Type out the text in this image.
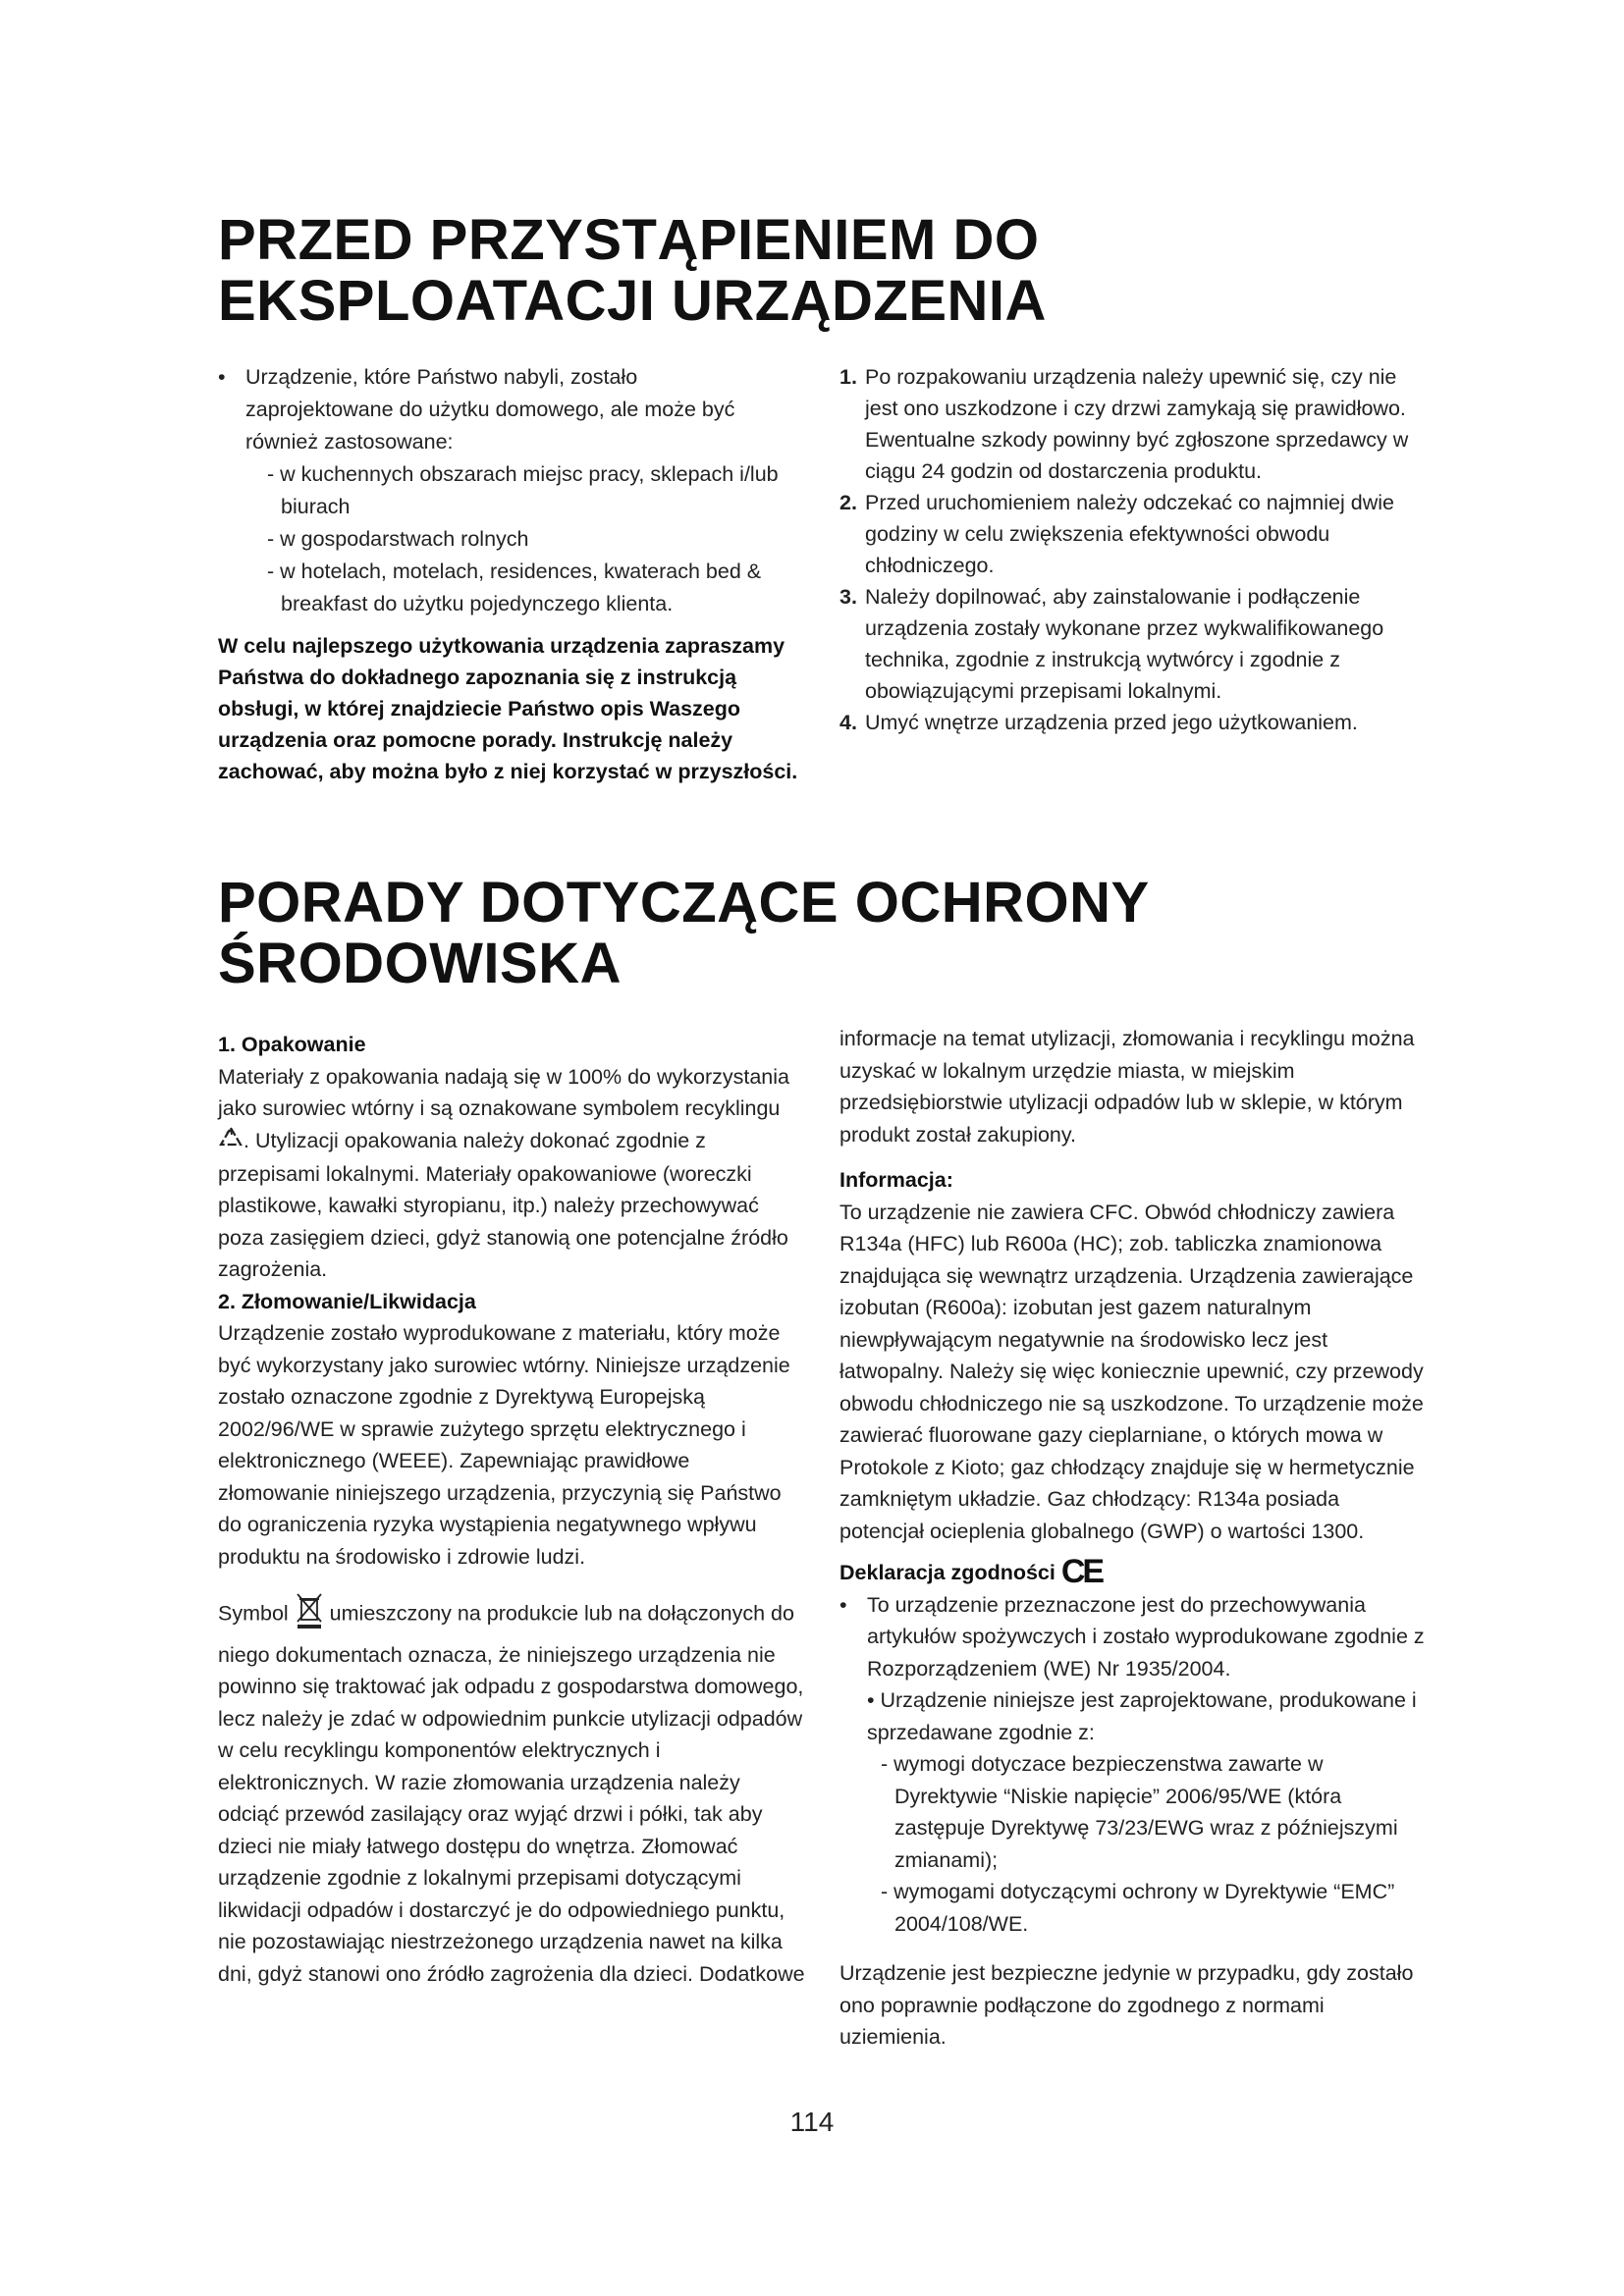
PRZED PRZYSTĄPIENIEM DO
EKSPLOATACJI URZĄDZENIA
• Urządzenie, które Państwo nabyli, zostało

zaprojektowane do użytku domowego, ale może być

również zastosowane:

- w kuchennych obszarach miejsc pracy, sklepach i/lub biurach

- w gospodarstwach rolnych

- w hotelach, motelach, residences, kwaterach bed & breakfast do użytku pojedynczego klienta.

W celu najlepszego użytkowania urządzenia zapraszamy Państwa do dokładnego zapoznania się z instrukcją obsługi, w której znajdziecie Państwo opis Waszego urządzenia oraz pomocne porady. Instrukcję należy zachować, aby można było z niej korzystać w przyszłości.

1. Po rozpakowaniu urządzenia należy upewnić się, czy nie jest ono uszkodzone i czy drzwi zamykają się prawidłowo.

Ewentualne szkody powinny być zgłoszone sprzedawcy w ciągu 24 godzin od dostarczenia produktu.

2. Przed uruchomieniem należy odczekać co najmniej dwie godziny w celu zwiększenia efektywności obwodu chłodniczego.

3. Należy dopilnować, aby zainstalowanie i podłączenie urządzenia zostały wykonane przez wykwalifikowanego technika, zgodnie z instrukcją wytwórcy i zgodnie z obowiązującymi przepisami lokalnymi.

4. Umyć wnętrze urządzenia przed jego użytkowaniem.

PORADY DOTYCZĄCE OCHRONY
ŚRODOWISKA

1. Opakowanie

Materiały z opakowania nadają się w 100% do wykorzystania jako surowiec wtórny i są oznakowane symbolem recyklingu . Utylizacji opakowania należy dokonać zgodnie z przepisami lokalnymi. Materiały opakowaniowe (woreczki plastikowe, kawałki styropianu, itp.) należy przechowywać poza zasięgiem dzieci, gdyż stanowią one potencjalne źródło zagrożenia.

2. Złomowanie/Likwidacja

Urządzenie zostało wyprodukowane z materiału, który może być wykorzystany jako surowiec wtórny. Niniejsze urządzenie zostało oznaczone zgodnie z Dyrektywą Europejską 2002/96/WE w sprawie zużytego sprzętu elektrycznego i elektronicznego (WEEE). Zapewniając prawidłowe złomowanie niniejszego urządzenia, przyczynią się Państwo do ograniczenia ryzyka wystąpienia negatywnego wpływu produktu na środowisko i zdrowie ludzi.

Symbol umieszczony na produkcie lub na dołączonych do niego dokumentach oznacza, że niniejszego urządzenia nie powinno się traktować jak odpadu z gospodarstwa domowego, lecz należy je zdać w odpowiednim punkcie utylizacji odpadów w celu recyklingu komponentów elektrycznych i elektronicznych. W razie złomowania urządzenia należy odciąć przewód zasilający oraz wyjąć drzwi i półki, tak aby dzieci nie miały łatwego dostępu do wnętrza. Złomować urządzenie zgodnie z lokalnymi przepisami dotyczącymi likwidacji odpadów i dostarczyć je do odpowiedniego punktu, nie pozostawiając niestrzeżonego urządzenia nawet na kilka dni, gdyż stanowi ono źródło zagrożenia dla dzieci. Dodatkowe

informacje na temat utylizacji, złomowania i recyklingu można uzyskać w lokalnym urzędzie miasta, w miejskim przedsiębiorstwie utylizacji odpadów lub w sklepie, w którym produkt został zakupiony.

Informacja:

To urządzenie nie zawiera CFC. Obwód chłodniczy zawiera R134a (HFC) lub R600a (HC); zob. tabliczka znamionowa znajdująca się wewnątrz urządzenia. Urządzenia zawierające izobutan (R600a): izobutan jest gazem naturalnym niewpływającym negatywnie na środowisko lecz jest łatwopalny. Należy się więc koniecznie upewnić, czy przewody obwodu chłodniczego nie są uszkodzone. To urządzenie może zawierać fluorowane gazy cieplarniane, o których mowa w Protokole z Kioto; gaz chłodzący znajduje się w hermetycznie zamkniętym układzie. Gaz chłodzący: R134a posiada potencjał ocieplenia globalnego (GWP) o wartości 1300.

Deklaracja zgodności CE

• To urządzenie przeznaczone jest do przechowywania artykułów spożywczych i zostało wyprodukowane zgodnie z Rozporządzeniem (WE) Nr 1935/2004.

• Urządzenie niniejsze jest zaprojektowane, produkowane i sprzedawane zgodnie z:

- wymogi dotyczace bezpieczenstwa zawarte w Dyrektywie “Niskie napięcie” 2006/95/WE (która zastępuje Dyrektywę 73/23/EWG wraz z późniejszymi zmianami);

- wymogami dotyczącymi ochrony w Dyrektywie “EMC” 2004/108/WE.

Urządzenie jest bezpieczne jedynie w przypadku, gdy zostało ono poprawnie podłączone do zgodnego z normami uziemienia.

114
